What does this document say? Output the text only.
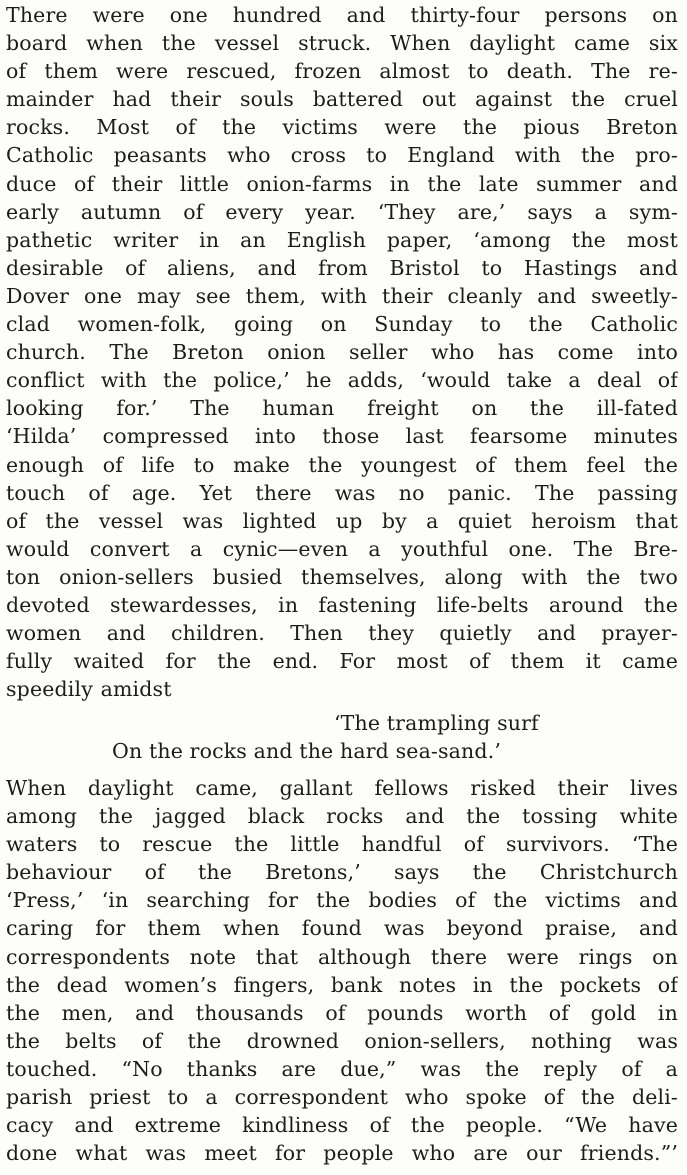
There were one hundred and thirty-four persons on
board when the vessel struck. When daylight came six
of them were rescued, frozen almost to death. The re-
mainder had their souls battered out against the cruel
rocks. Most of the victims were the pious Breton
Catholic peasants who cross to England with the pro-
duce of their little onion-farms in the late summer and
early autumn of every year. ‘They are,’ says a sym-
pathetic writer in an English paper, ‘among the most
desirable of aliens, and from Bristol to Hastings and
Dover one may see them, with their cleanly and sweetly-
clad women-folk, going on Sunday to the Catholic
church. The Breton onion seller who has come into
conflict with the police,’ he adds, ‘would take a deal of
looking for.’ The human freight on the ill-fated
‘Hilda’ compressed into those last fearsome minutes
enough of life to make the youngest of them feel the
touch of age. Yet there was no panic. The passing
of the vessel was lighted up by a quiet heroism that
would convert a cynic—even a youthful one. The Bre-
ton onion-sellers busied themselves, along with the two
devoted stewardesses, in fastening life-belts around the
women and children. Then they quietly and prayer-
fully waited for the end. For most of them it came
speedily amidst
‘The trampling surf
On the rocks and the hard sea-sand.’
When daylight came, gallant fellows risked their lives
among the jagged black rocks and the tossing white
waters to rescue the little handful of survivors. ‘The
behaviour of the Bretons,’ says the Christchurch
‘Press,’ ‘in searching for the bodies of the victims and
caring for them when found was beyond praise, and
correspondents note that although there were rings on
the dead women’s fingers, bank notes in the pockets of
the men, and thousands of pounds worth of gold in
the belts of the drowned onion-sellers, nothing was
touched. “No thanks are due,” was the reply of a
parish priest to a correspondent who spoke of the deli-
cacy and extreme kindliness of the people. “We have
done what was meet for people who are our friends.”’
